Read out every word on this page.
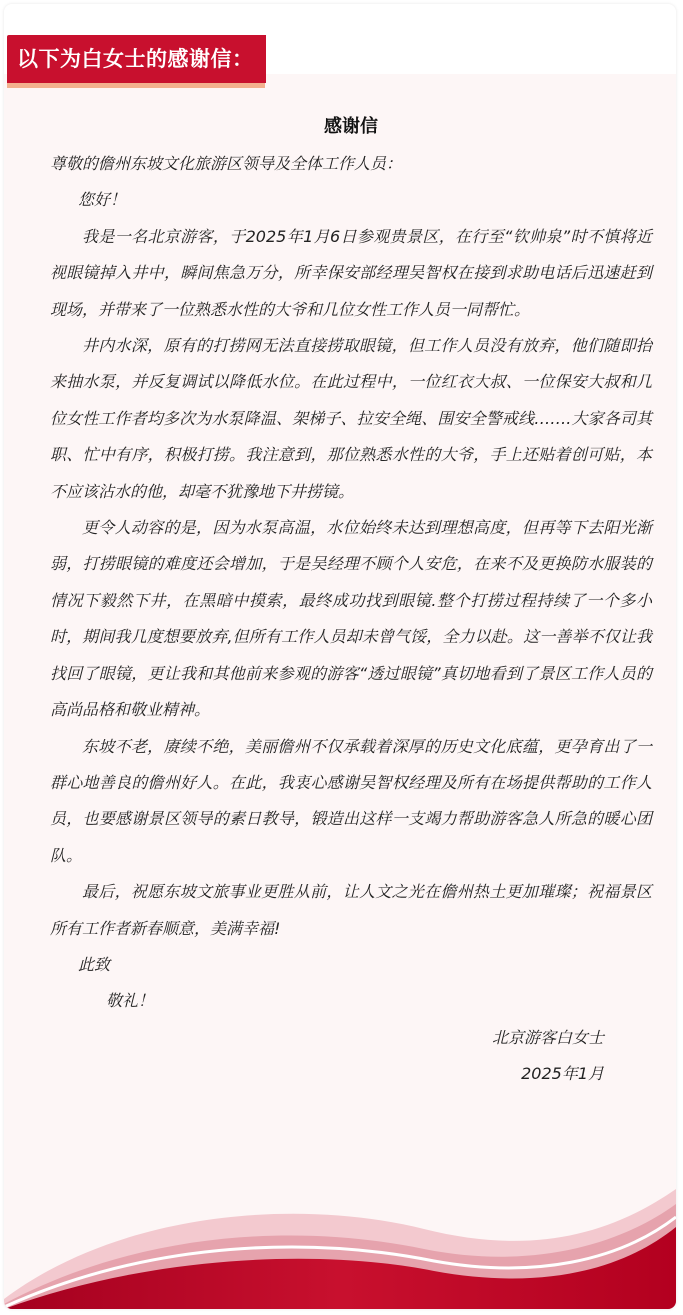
以下为白女士的感谢信：
感谢信

尊敬的儋州东坡文化旅游区领导及全体工作人员：

您好！

我是一名北京游客，于2025年1月6日参观贵景区，在行至“钦帅泉”时不慎将近视眼镜掉入井中，瞬间焦急万分，所幸保安部经理吴智权在接到求助电话后迅速赶到现场，并带来了一位熟悉水性的大爷和几位女性工作人员一同帮忙。

井内水深，原有的打捞网无法直接捞取眼镜，但工作人员没有放弃，他们随即抬来抽水泵，并反复调试以降低水位。在此过程中，一位红衣大叔、一位保安大叔和几位女性工作者均多次为水泵降温、架梯子、拉安全绳、围安全警戒线…….大家各司其职、忙中有序，积极打捞。我注意到，那位熟悉水性的大爷，手上还贴着创可贴，本不应该沾水的他，却毫不犹豫地下井捞镜。

更令人动容的是，因为水泵高温，水位始终未达到理想高度，但再等下去阳光渐弱，打捞眼镜的难度还会增加，于是吴经理不顾个人安危，在来不及更换防水服装的情况下毅然下井，在黑暗中摸索，最终成功找到眼镜.整个打捞过程持续了一个多小时，期间我几度想要放弃,但所有工作人员却未曾气馁，全力以赴。这一善举不仅让我找回了眼镜，更让我和其他前来参观的游客“透过眼镜”真切地看到了景区工作人员的高尚品格和敬业精神。

东坡不老，赓续不绝，美丽儋州不仅承载着深厚的历史文化底蕴，更孕育出了一群心地善良的儋州好人。在此，我衷心感谢吴智权经理及所有在场提供帮助的工作人员，也要感谢景区领导的素日教导，锻造出这样一支竭力帮助游客急人所急的暖心团队。

最后，祝愿东坡文旅事业更胜从前，让人文之光在儋州热土更加璀璨；祝福景区所有工作者新春顺意，美满幸福!

此致

敬礼！

北京游客白女士

2025年1月
